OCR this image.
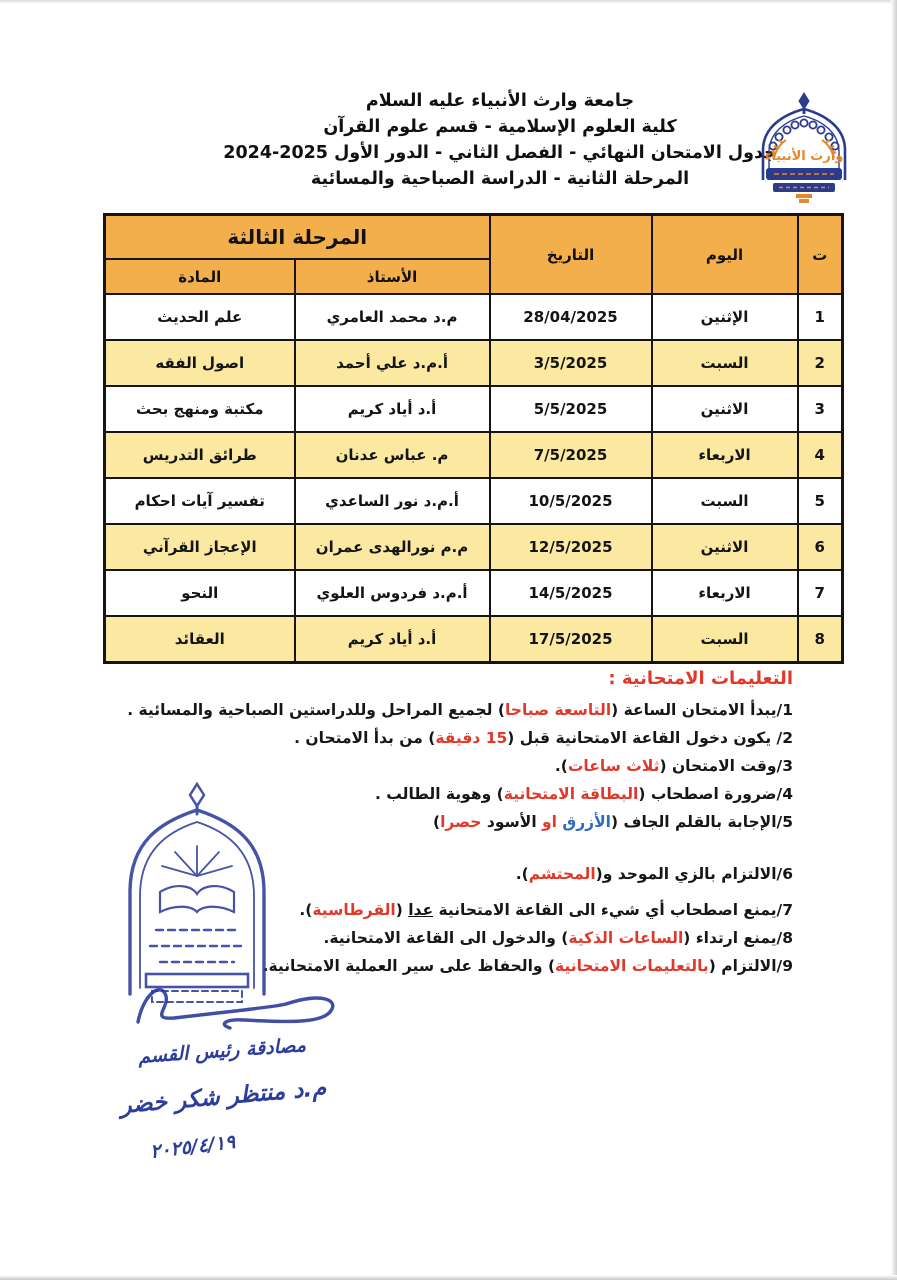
جامعة وارث الأنبياء عليه السلام
كلية العلوم الإسلامية - قسم علوم القرآن
جدول الامتحان النهائي - الفصل الثاني - الدور الأول 2025-2024
المرحلة الثانية - الدراسة الصباحية والمسائية
وارث الأنبياء
ت	اليوم	التاريخ	المرحلة الثالثة	
			الأستاذ	المادة
1	الإثنين	28/04/2025	م.د محمد العامري	علم الحديث
2	السبت	3/5/2025	أ.م.د علي أحمد	اصول الفقه
3	الاثنين	5/5/2025	أ.د أياد كريم	مكتبة ومنهج بحث
4	الاربعاء	7/5/2025	م. عباس عدنان	طرائق التدريس
5	السبت	10/5/2025	أ.م.د نور الساعدي	تفسير آيات احكام
6	الاثنين	12/5/2025	م.م نورالهدى عمران	الإعجاز القرآني
7	الاربعاء	14/5/2025	أ.م.د فردوس العلوي	النحو
8	السبت	17/5/2025	أ.د أياد كريم	العقائد
التعليمات الامتحانية :
1/يبدأ الامتحان الساعة (التاسعة صباحا) لجميع المراحل وللدراستين الصباحية والمسائية .
2/ يكون دخول القاعة الامتحانية قبل (15 دقيقة) من بدأ الامتحان .
3/وقت الامتحان (ثلاث ساعات).
4/ضرورة اصطحاب (البطاقة الامتحانية) وهوية الطالب .
5/الإجابة بالقلم الجاف (الأزرق او الأسود حصرا)
6/الالتزام بالزي الموحد و(المحتشم).
7/يمنع اصطحاب أي شيء الى القاعة الامتحانية عدا (القرطاسية).
8/يمنع ارتداء (الساعات الذكية) والدخول الى القاعة الامتحانية.
9/الالتزام (بالتعليمات الامتحانية) والحفاظ على سير العملية الامتحانية.
مصادقة رئيس القسم
م.د منتظر شكر خضر
٢٠٢٥/٤/١٩
